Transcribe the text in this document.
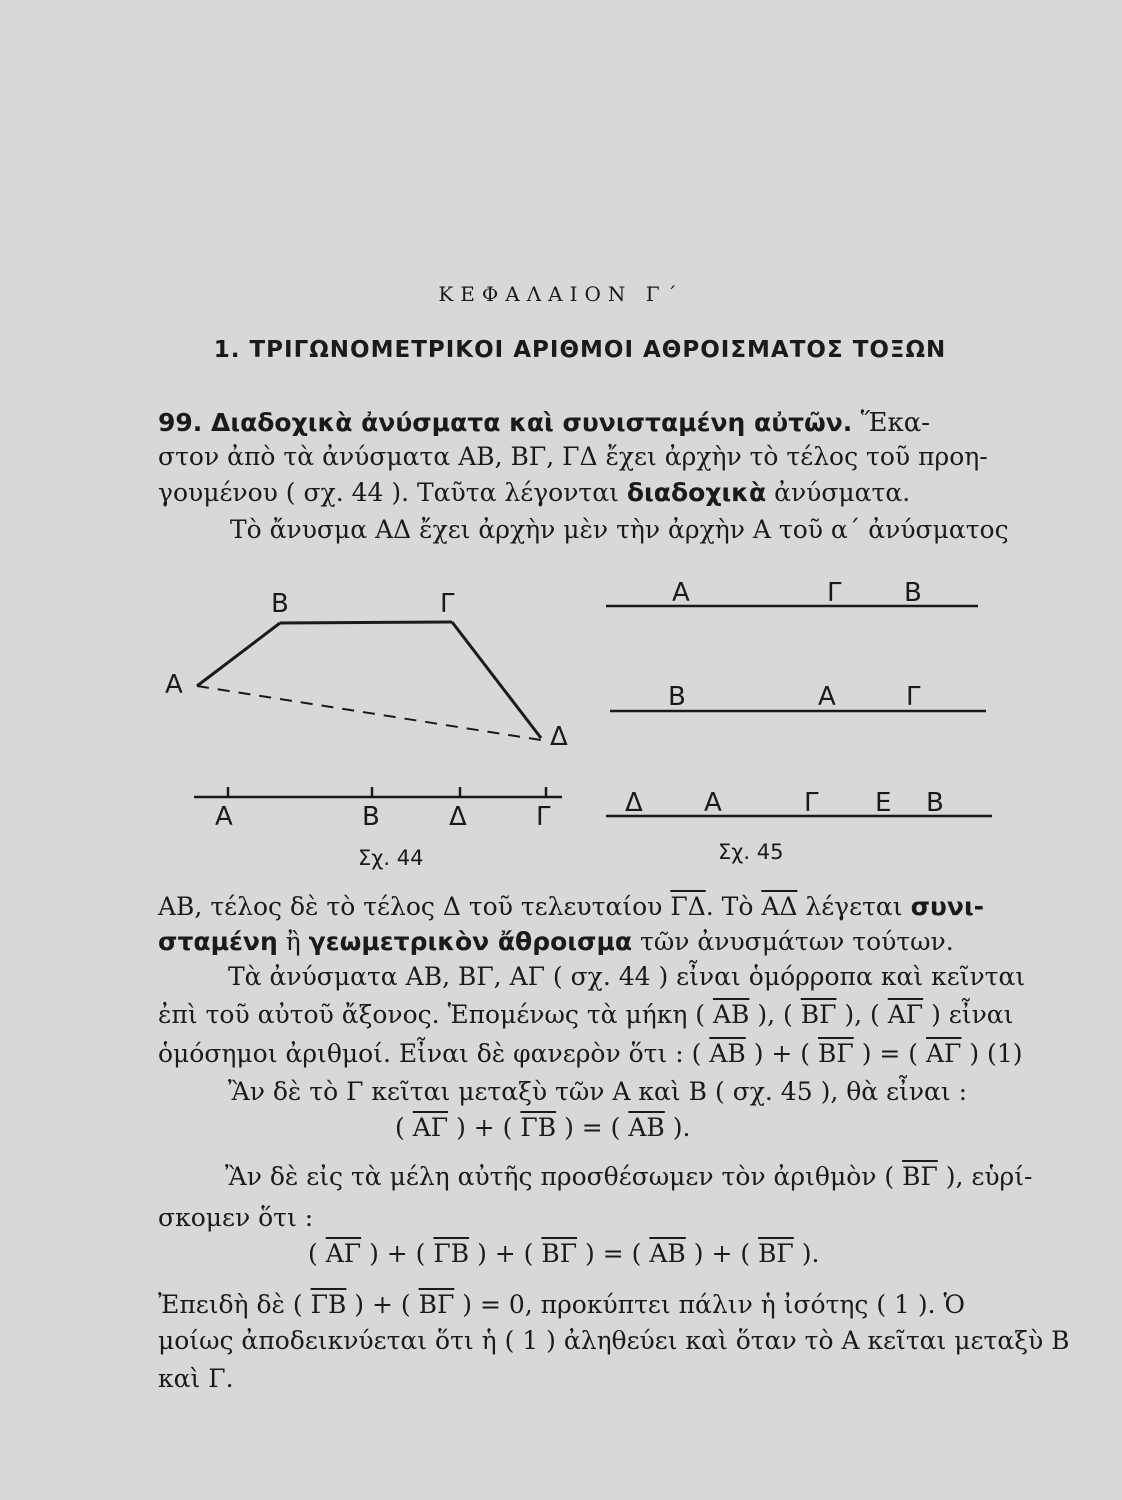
ΚΕΦΑΛΑΙΟΝ Γ΄
1. ΤΡΙΓΩΝΟΜΕΤΡΙΚΟΙ ΑΡΙΘΜΟΙ ΑΘΡΟΙΣΜΑΤΟΣ ΤΟΞΩΝ
99. Διαδοχικὰ ἀνύσματα καὶ συνισταμένη αὐτῶν. Ἕκα-
στον ἀπὸ τὰ ἀνύσματα ΑΒ, ΒΓ, ΓΔ ἔχει ἀρχὴν τὸ τέλος τοῦ προη-
γουμένου ( σχ. 44 ). Ταῦτα λέγονται διαδοχικὰ ἀνύσματα.
Τὸ ἄνυσμα ΑΔ ἔχει ἀρχὴν μὲν τὴν ἀρχὴν Α τοῦ α΄ ἀνύσματος
Β	Γ
Α
Δ
Α	Β	Δ	Γ
Σχ. 44
Α	Γ Β
Β	Α	Γ
Δ Α	Γ Ε Β
Σχ. 45
ΑΒ, τέλος δὲ τὸ τέλος Δ τοῦ τελευταίου $\overline{\Gamma\Delta}$. Τὸ $\overline{A\Delta}$ λέγεται συνι-
σταμένη ἢ γεωμετρικὸν ἄθροισμα τῶν ἀνυσμάτων τούτων.
Τὰ ἀνύσματα ΑΒ, ΒΓ, ΑΓ ( σχ. 44 ) εἶναι ὁμόρροπα καὶ κεῖνται
ἐπὶ τοῦ αὐτοῦ ἄξονος. Ἑπομένως τὰ μήκη ( $\overline{AB}$ ), ( $\overline{B\Gamma}$ ), ( $\overline{A\Gamma}$ ) εἶναι
ὁμόσημοι ἀριθμοί. Εἶναι δὲ φανερὸν ὅτι : ( $\overline{AB}$ ) + ( $\overline{B\Gamma}$ ) = ( $\overline{A\Gamma}$ ) (1)
Ἂν δὲ τὸ Γ κεῖται μεταξὺ τῶν Α καὶ Β ( σχ. 45 ), θὰ εἶναι :
( $\overline{A\Gamma}$ ) + ( $\overline{\Gamma B}$ ) = ( $\overline{AB}$ ).
Ἂν δὲ εἰς τὰ μέλη αὐτῆς προσθέσωμεν τὸν ἀριθμὸν ( $\overline{B\Gamma}$ ), εὑρί-
σκομεν ὅτι :
( $\overline{A\Gamma}$ ) + ( $\overline{\Gamma B}$ ) + ( $\overline{B\Gamma}$ ) = ( $\overline{AB}$ ) + ( $\overline{B\Gamma}$ ).
Ἐπειδὴ δὲ ( $\overline{\Gamma B}$ ) + ( $\overline{B\Gamma}$ ) = 0, προκύπτει πάλιν ἡ ἰσότης ( 1 ). Ὁ
μοίως ἀποδεικνύεται ὅτι ἡ ( 1 ) ἀληθεύει καὶ ὅταν τὸ Α κεῖται μεταξὺ Β
καὶ Γ.
